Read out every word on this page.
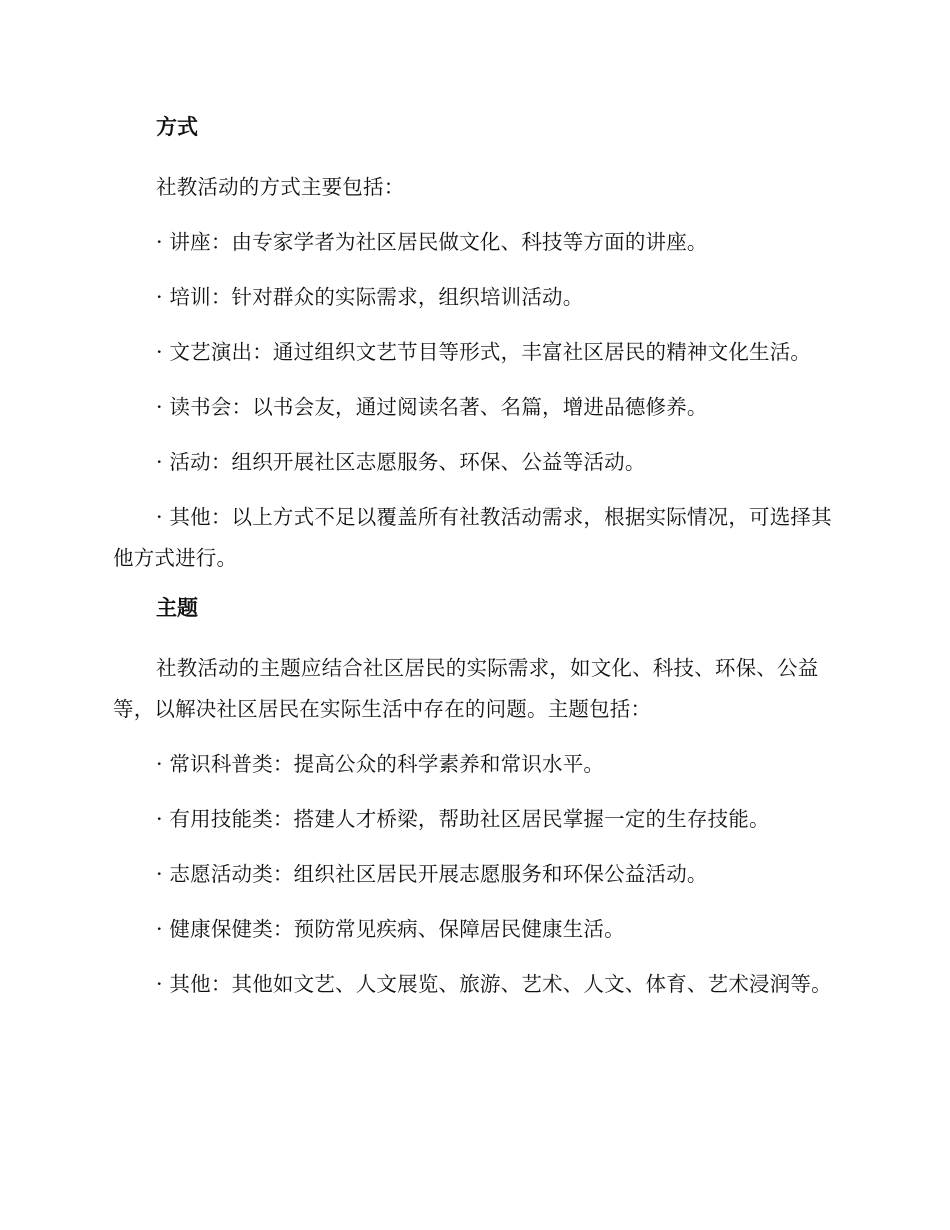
方式

社教活动的方式主要包括：

· 讲座：由专家学者为社区居民做文化、科技等方面的讲座。

· 培训：针对群众的实际需求，组织培训活动。

· 文艺演出：通过组织文艺节目等形式，丰富社区居民的精神文化生活。

· 读书会：以书会友，通过阅读名著、名篇，增进品德修养。

· 活动：组织开展社区志愿服务、环保、公益等活动。

· 其他：以上方式不足以覆盖所有社教活动需求，根据实际情况，可选择其他方式进行。

主题

社教活动的主题应结合社区居民的实际需求，如文化、科技、环保、公益等，以解决社区居民在实际生活中存在的问题。主题包括：

· 常识科普类：提高公众的科学素养和常识水平。

· 有用技能类：搭建人才桥梁，帮助社区居民掌握一定的生存技能。

· 志愿活动类：组织社区居民开展志愿服务和环保公益活动。

· 健康保健类：预防常见疾病、保障居民健康生活。

· 其他：其他如文艺、人文展览、旅游、艺术、人文、体育、艺术浸润等。
